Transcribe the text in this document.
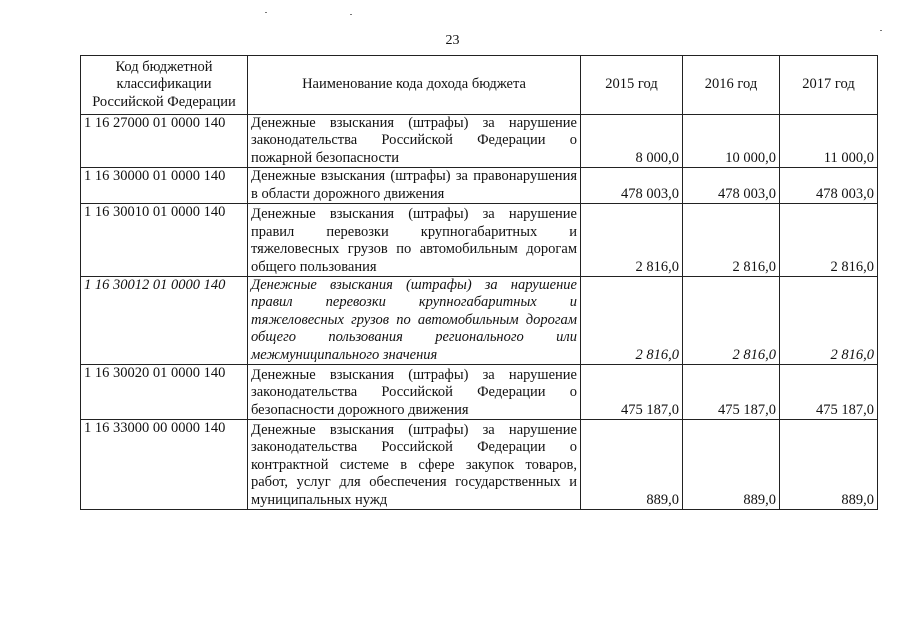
23
Код бюджетной классификации Российской Федерации	Наименование кода дохода бюджета	2015 год	2016 год	2017 год
1 16 27000 01 0000 140	Денежные взыскания (штрафы) за нарушение законодательства Российской Федерации о пожарной безопасности	8 000,0	10 000,0	11 000,0
1 16 30000 01 0000 140	Денежные взыскания (штрафы) за правонарушения в области дорожного движения	478 003,0	478 003,0	478 003,0
1 16 30010 01 0000 140	Денежные взыскания (штрафы) за нарушение правил перевозки крупногабаритных и тяжеловесных грузов по автомобильным дорогам общего пользования	2 816,0	2 816,0	2 816,0
1 16 30012 01 0000 140	Денежные взыскания (штрафы) за нарушение правил перевозки крупногабаритных и тяжеловесных грузов по автомобильным дорогам общего пользования регионального или межмуниципального значения	2 816,0	2 816,0	2 816,0
1 16 30020 01 0000 140	Денежные взыскания (штрафы) за нарушение законодательства Российской Федерации о безопасности дорожного движения	475 187,0	475 187,0	475 187,0
1 16 33000 00 0000 140	Денежные взыскания (штрафы) за нарушение законодательства Российской Федерации о контрактной системе в сфере закупок товаров, работ, услуг для обеспечения государственных и муниципальных нужд	889,0	889,0	889,0
